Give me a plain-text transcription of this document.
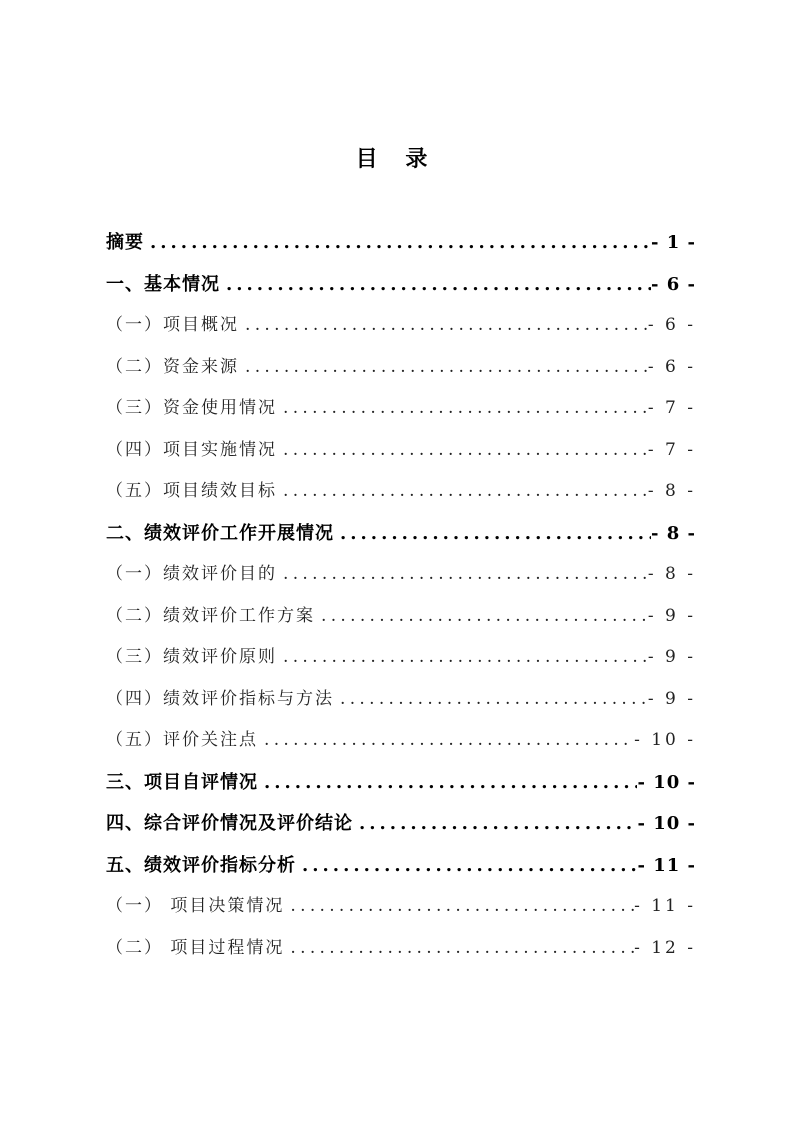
目 录
摘要 .....	- 1 -
一、基本情况 .....	- 6 -
（一）项目概况 .....	- 6 -
（二）资金来源 .....	- 6 -
（三）资金使用情况 .....	- 7 -
（四）项目实施情况 .....	- 7 -
（五）项目绩效目标 .....	- 8 -
二、绩效评价工作开展情况 .....	- 8 -
（一）绩效评价目的 .....	- 8 -
（二）绩效评价工作方案 .....	- 9 -
（三）绩效评价原则 .....	- 9 -
（四）绩效评价指标与方法 .....	- 9 -
（五）评价关注点 .....	- 10 -
三、项目自评情况 .....	- 10 -
四、综合评价情况及评价结论 .....	- 10 -
五、绩效评价指标分析 .....	- 11 -
（一） 项目决策情况 .....	- 11 -
（二） 项目过程情况 .....	- 12 -
